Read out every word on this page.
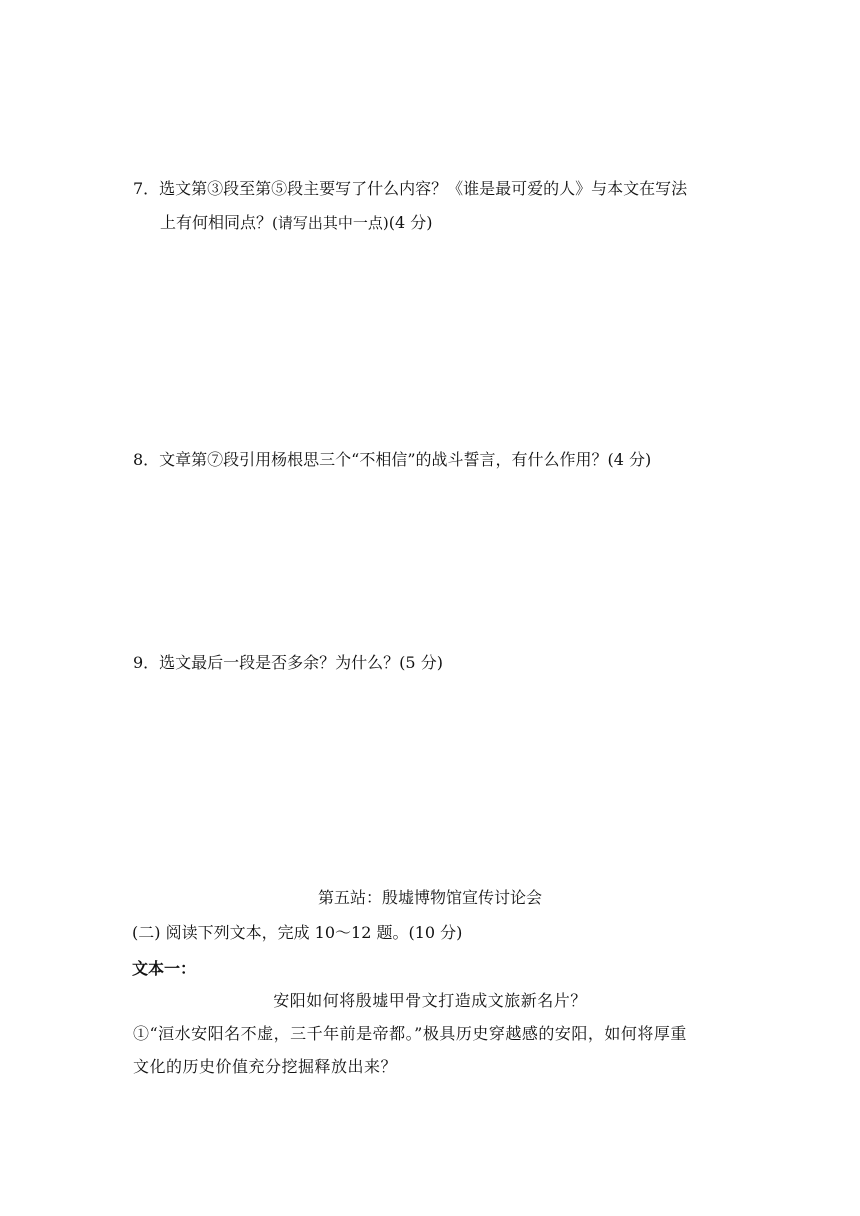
7．选文第③段至第⑤段主要写了什么内容？《谁是最可爱的人》与本文在写法
上有何相同点？(请写出其中一点)(4 分)
8．文章第⑦段引用杨根思三个“不相信”的战斗誓言，有什么作用？(4 分)
9．选文最后一段是否多余？为什么？(5 分)
第五站：殷墟博物馆宣传讨论会
(二) 阅读下列文本，完成 10～12 题。(10 分)
文本一：
安阳如何将殷墟甲骨文打造成文旅新名片？
①“洹水安阳名不虚，三千年前是帝都。”极具历史穿越感的安阳，如何将厚重
文化的历史价值充分挖掘释放出来？
